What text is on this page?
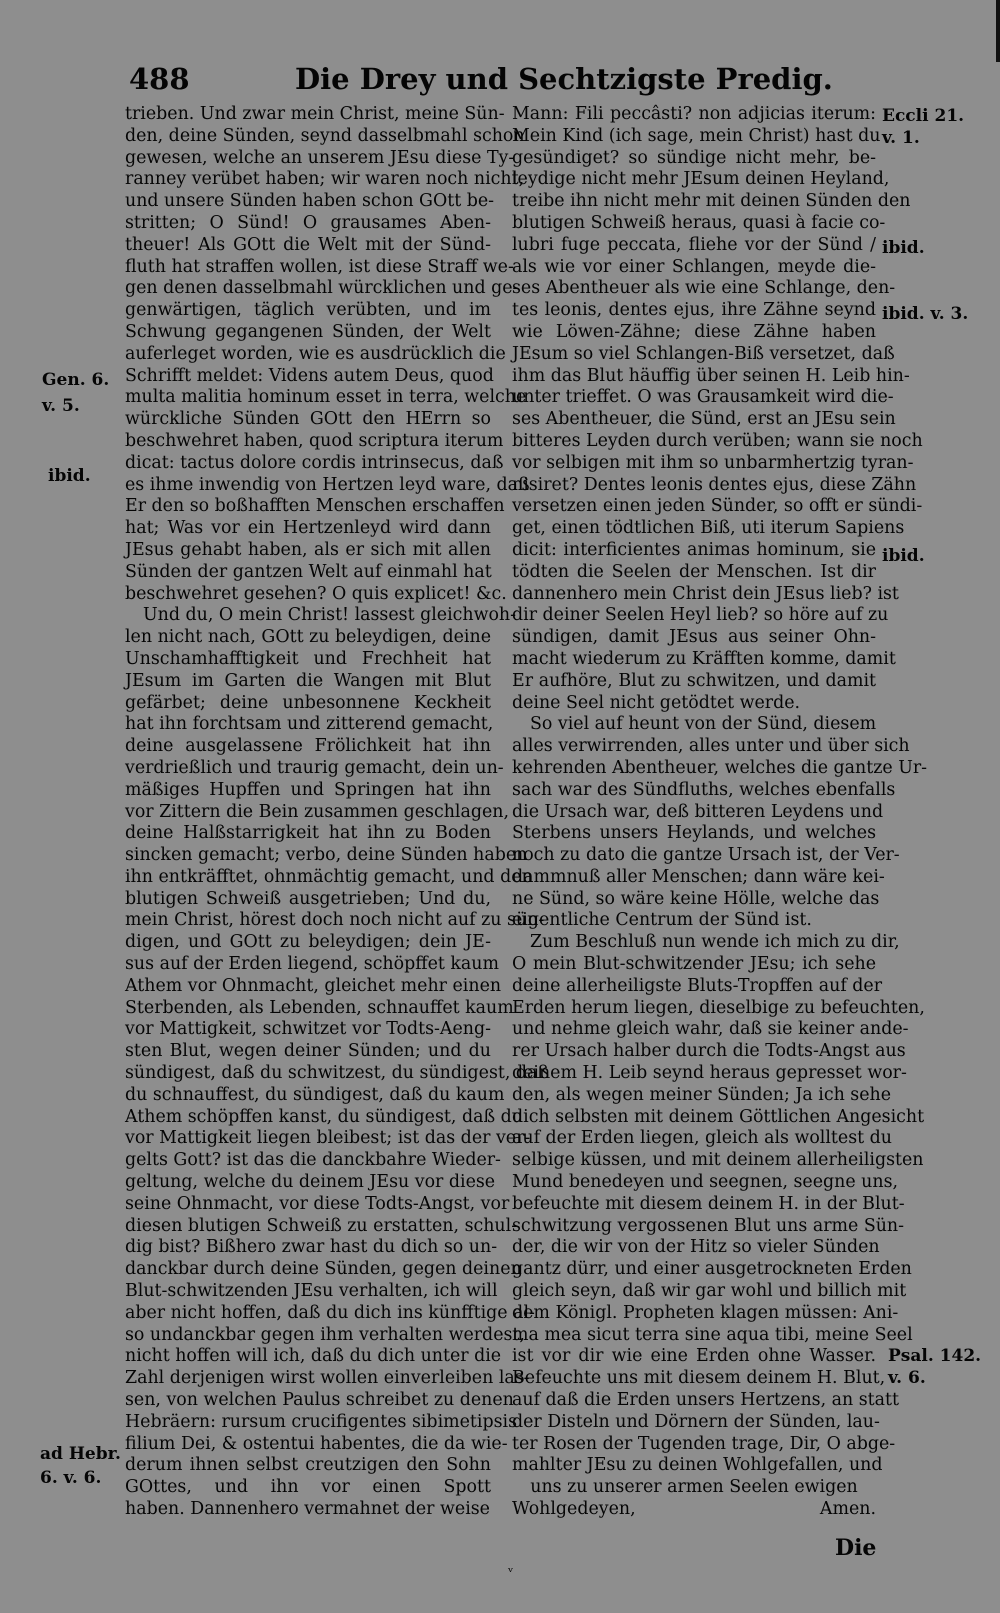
488	Die Drey und Sechtzigste Predig.
trieben. Und zwar mein Christ, meine Sün-
den, deine Sünden, seynd dasselbmahl schon
gewesen, welche an unserem JEsu diese Ty-
ranney verübet haben; wir waren noch nicht,
und unsere Sünden haben schon GOtt be-
stritten; O Sünd! O grausames Aben-
theuer! Als GOtt die Welt mit der Sünd-
fluth hat straffen wollen, ist diese Straff we-
gen denen dasselbmahl würcklichen und ge-
genwärtigen, täglich verübten, und im
Schwung gegangenen Sünden, der Welt
auferleget worden, wie es ausdrücklich die
Schrifft meldet: Videns autem Deus, quod
multa malitia hominum esset in terra, welche
würckliche Sünden GOtt den HErrn so
beschwehret haben, quod scriptura iterum
dicat: tactus dolore cordis intrinsecus, daß
es ihme inwendig von Hertzen leyd ware, daß
Er den so boßhafften Menschen erschaffen
hat; Was vor ein Hertzenleyd wird dann
JEsus gehabt haben, als er sich mit allen
Sünden der gantzen Welt auf einmahl hat
beschwehret gesehen? O quis explicet! &c.
Und du, O mein Christ! lassest gleichwoh-
len nicht nach, GOtt zu beleydigen, deine
Unschamhafftigkeit und Frechheit hat
JEsum im Garten die Wangen mit Blut
gefärbet; deine unbesonnene Keckheit
hat ihn forchtsam und zitterend gemacht,
deine ausgelassene Frölichkeit hat ihn
verdrießlich und traurig gemacht, dein un-
mäßiges Hupffen und Springen hat ihn
vor Zittern die Bein zusammen geschlagen,
deine Halßstarrigkeit hat ihn zu Boden
sincken gemacht; verbo, deine Sünden haben
ihn entkräfftet, ohnmächtig gemacht, und den
blutigen Schweiß ausgetrieben; Und du,
mein Christ, hörest doch noch nicht auf zu sün-
digen, und GOtt zu beleydigen; dein JE-
sus auf der Erden liegend, schöpffet kaum
Athem vor Ohnmacht, gleichet mehr einen
Sterbenden, als Lebenden, schnauffet kaum
vor Mattigkeit, schwitzet vor Todts-Aeng-
sten Blut, wegen deiner Sünden; und du
sündigest, daß du schwitzest, du sündigest, daß
du schnauffest, du sündigest, daß du kaum
Athem schöpffen kanst, du sündigest, daß du
vor Mattigkeit liegen bleibest; ist das der ver-
gelts Gott? ist das die danckbahre Wieder-
geltung, welche du deinem JEsu vor diese
seine Ohnmacht, vor diese Todts-Angst, vor
diesen blutigen Schweiß zu erstatten, schul-
dig bist? Bißhero zwar hast du dich so un-
danckbar durch deine Sünden, gegen deinen
Blut-schwitzenden JEsu verhalten, ich will
aber nicht hoffen, daß du dich ins künfftige al-
so undanckbar gegen ihm verhalten werdest,
nicht hoffen will ich, daß du dich unter die
Zahl derjenigen wirst wollen einverleiben las-
sen, von welchen Paulus schreibet zu denen
Hebräern: rursum crucifigentes sibimetipsis
filium Dei, & ostentui habentes, die da wie-
derum ihnen selbst creutzigen den Sohn
GOttes, und ihn vor einen Spott
haben. Dannenhero vermahnet der weise
Mann: Fili peccâsti? non adjicias iterum:
Mein Kind (ich sage, mein Christ) hast du
gesündiget? so sündige nicht mehr, be-
leydige nicht mehr JEsum deinen Heyland,
treibe ihn nicht mehr mit deinen Sünden den
blutigen Schweiß heraus, quasi à facie co-
lubri fuge peccata, fliehe vor der Sünd /
als wie vor einer Schlangen, meyde die-
ses Abentheuer als wie eine Schlange, den-
tes leonis, dentes ejus, ihre Zähne seynd
wie Löwen-Zähne; diese Zähne haben
JEsum so viel Schlangen-Biß versetzet, daß
ihm das Blut häuffig über seinen H. Leib hin-
unter trieffet. O was Grausamkeit wird die-
ses Abentheuer, die Sünd, erst an JEsu sein
bitteres Leyden durch verüben; wann sie noch
vor selbigen mit ihm so unbarmhertzig tyran-
nisiret? Dentes leonis dentes ejus, diese Zähn
versetzen einen jeden Sünder, so offt er sündi-
get, einen tödtlichen Biß, uti iterum Sapiens
dicit: interficientes animas hominum, sie
tödten die Seelen der Menschen. Ist dir
dannenhero mein Christ dein JEsus lieb? ist
dir deiner Seelen Heyl lieb? so höre auf zu
sündigen, damit JEsus aus seiner Ohn-
macht wiederum zu Kräfften komme, damit
Er aufhöre, Blut zu schwitzen, und damit
deine Seel nicht getödtet werde.
So viel auf heunt von der Sünd, diesem
alles verwirrenden, alles unter und über sich
kehrenden Abentheuer, welches die gantze Ur-
sach war des Sündfluths, welches ebenfalls
die Ursach war, deß bitteren Leydens und
Sterbens unsers Heylands, und welches
noch zu dato die gantze Ursach ist, der Ver-
dammnuß aller Menschen; dann wäre kei-
ne Sünd, so wäre keine Hölle, welche das
eigentliche Centrum der Sünd ist.
Zum Beschluß nun wende ich mich zu dir,
O mein Blut-schwitzender JEsu; ich sehe
deine allerheiligste Bluts-Tropffen auf der
Erden herum liegen, dieselbige zu befeuchten,
und nehme gleich wahr, daß sie keiner ande-
rer Ursach halber durch die Todts-Angst aus
deinem H. Leib seynd heraus gepresset wor-
den, als wegen meiner Sünden; Ja ich sehe
dich selbsten mit deinem Göttlichen Angesicht
auf der Erden liegen, gleich als wolltest du
selbige küssen, und mit deinem allerheiligsten
Mund benedeyen und seegnen, seegne uns,
befeuchte mit diesem deinem H. in der Blut-
schwitzung vergossenen Blut uns arme Sün-
der, die wir von der Hitz so vieler Sünden
gantz dürr, und einer ausgetrockneten Erden
gleich seyn, daß wir gar wohl und billich mit
dem Königl. Propheten klagen müssen: Ani-
ma mea sicut terra sine aqua tibi, meine Seel
ist vor dir wie eine Erden ohne Wasser.
Befeuchte uns mit diesem deinem H. Blut,
auf daß die Erden unsers Hertzens, an statt
der Disteln und Dörnern der Sünden, lau-
ter Rosen der Tugenden trage, Dir, O abge-
mahlter JEsu zu deinen Wohlgefallen, und
uns zu unserer armen Seelen ewigen
Wohlgedeyen, Amen.
Gen. 6.
v. 5.
ibid.
ad Hebr.
6. v. 6.
Eccli 21.
v. 1.
ibid.
ibid. v. 3.
ibid.
Psal. 142.
v. 6.
Die
ᵥ
